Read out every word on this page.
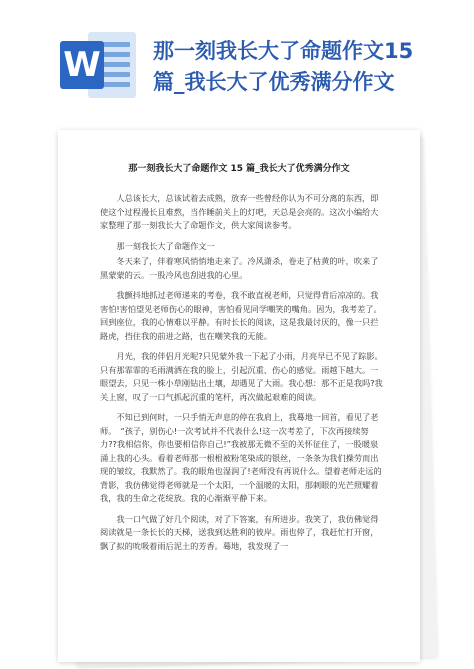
W 那一刻我长大了命题作文15
篇_我长大了优秀满分作文
那一刻我长大了命题作文 15 篇_我长大了优秀满分作文

人总该长大，总该试着去成熟，放弃一些曾经你认为不可分离的东西，即使这个过程漫长且难熬，当作睡前关上的灯吧，天总是会亮的。这次小编给大家整理了那一刻我长大了命题作文，供大家阅读参考。

那一刻我长大了命题作文一

冬天来了，伴着寒风悄悄地走来了。冷风潇杀，卷走了枯黄的叶，吹来了黑蒙蒙的云。一股冷风也刮进我的心里。

我颤抖地抓过老师递来的考卷，我不敢直视老师，只觉得背后凉凉的。我害怕!害怕望见老师伤心的眼神，害怕看见同学嘲笑的嘴角。因为，我考差了。回到座位，我的心情难以平静。有时长长的阅读，这是我最讨厌的，像一只拦路虎，挡住我的前进之路，也在嘲笑我的无能。

月光，我的伴侣月光呢?只见蒙外我一下起了小雨，月亮早已不见了踪影。只有那霏霏的毛雨满洒在我的脸上，引起沉重、伤心的感觉。雨越下越大。一眼望去，只见一株小草刚钻出土壤，却遇见了大雨。我心想：那不正是我吗?我关上窗，叹了一口气抓起沉重的笔杆，再次做起艰难的阅读。

不知已到何时，一只手悄无声息的停在我肩上，我蓦地一回首，看见了老师。　“孩子，别伤心!一次考试并不代表什么!这一次考差了，下次再接续努力??我相信你，你也要相信你自己!”我被那无微不至的关怀征住了，一股暖泉涌上我的心头。看着老师那一根根被粉笔染成的银丝，一条条为我们操劳而出现的皱纹，我默然了。我的眼角也湿润了!老师没有再说什么。望着老师走远的背影，我仿佛觉得老师就是一个太阳，一个温暖的太阳，那刺眼的光芒照耀着我，我的生命之花绽放。我的心渐渐平静下来。

我一口气做了好几个阅读，对了下答案，有所进步。我笑了，我仿佛觉得阅读就是一条长长的天梯，送我到达胜利的彼岸。雨也停了，我赶忙打开窗，飘了拟的吮吸着雨后泥土的芳香。蓦地，我发现了一
